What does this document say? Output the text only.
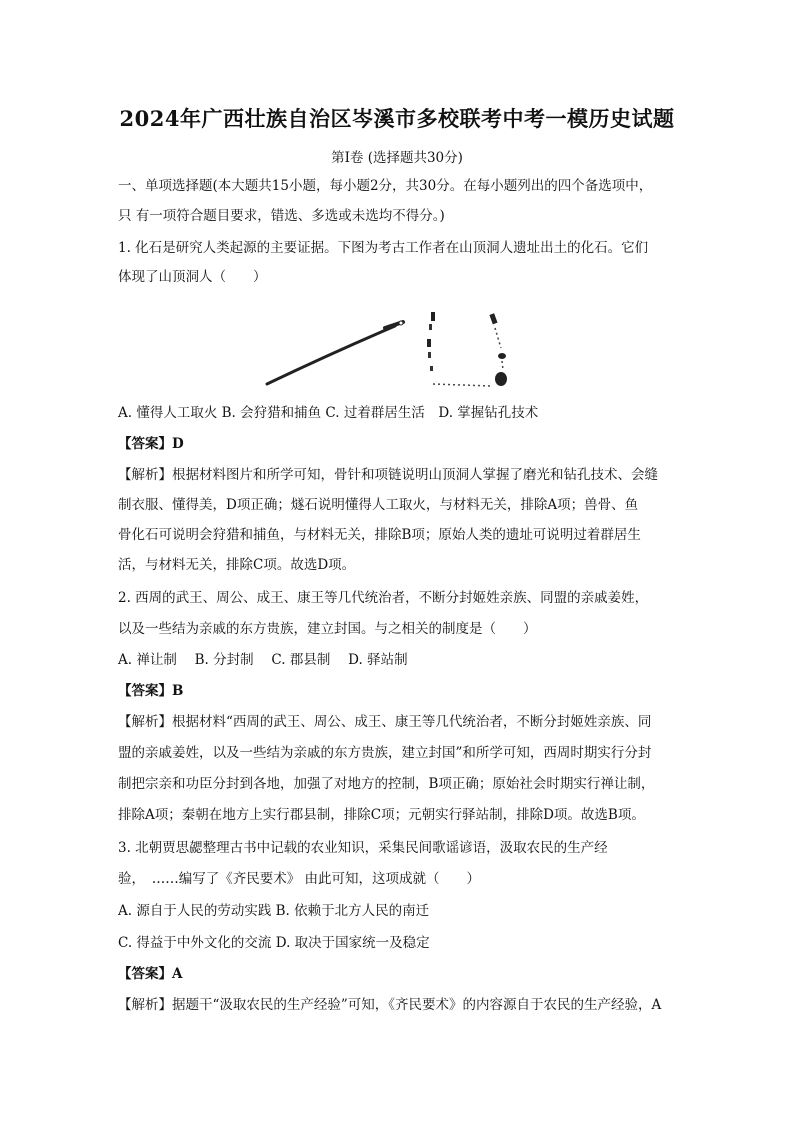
2024年广西壮族自治区岑溪市多校联考中考一模历史试题
第Ⅰ卷 (选择题共30分)
一、单项选择题(本大题共15小题，每小题2分，共30分。在每小题列出的四个备选项中，
只 有一项符合题目要求，错选、多选或未选均不得分。)
1. 化石是研究人类起源的主要证据。下图为考古工作者在山顶洞人遗址出土的化石。它们
体现了山顶洞人（　　）
A. 懂得人工取火 B. 会狩猎和捕鱼 C. 过着群居生活　D. 掌握钻孔技术
【答案】D
【解析】根据材料图片和所学可知，骨针和项链说明山顶洞人掌握了磨光和钻孔技术、会缝
制衣服、懂得美，D项正确；燧石说明懂得人工取火，与材料无关，排除A项；兽骨、鱼
骨化石可说明会狩猎和捕鱼，与材料无关，排除B项；原始人类的遗址可说明过着群居生
活，与材料无关，排除C项。故选D项。
2. 西周的武王、周公、成王、康王等几代统治者，不断分封姬姓亲族、同盟的亲戚姜姓，
以及一些结为亲戚的东方贵族，建立封国。与之相关的制度是（　　）
A. 禅让制　 B. 分封制　 C. 郡县制　 D. 驿站制
【答案】B
【解析】根据材料“西周的武王、周公、成王、康王等几代统治者，不断分封姬姓亲族、同
盟的亲戚姜姓，以及一些结为亲戚的东方贵族，建立封国”和所学可知，西周时期实行分封
制把宗亲和功臣分封到各地，加强了对地方的控制，B项正确；原始社会时期实行禅让制，
排除A项；秦朝在地方上实行郡县制，排除C项；元朝实行驿站制，排除D项。故选B项。
3. 北朝贾思勰整理古书中记载的农业知识，采集民间歌谣谚语，汲取农民的生产经
验，　……编写了《齐民要术》 由此可知，这项成就（　　）
A. 源自于人民的劳动实践 B. 依赖于北方人民的南迁
C. 得益于中外文化的交流 D. 取决于国家统一及稳定
【答案】A
【解析】据题干“汲取农民的生产经验”可知，《齐民要术》的内容源自于农民的生产经验，A
